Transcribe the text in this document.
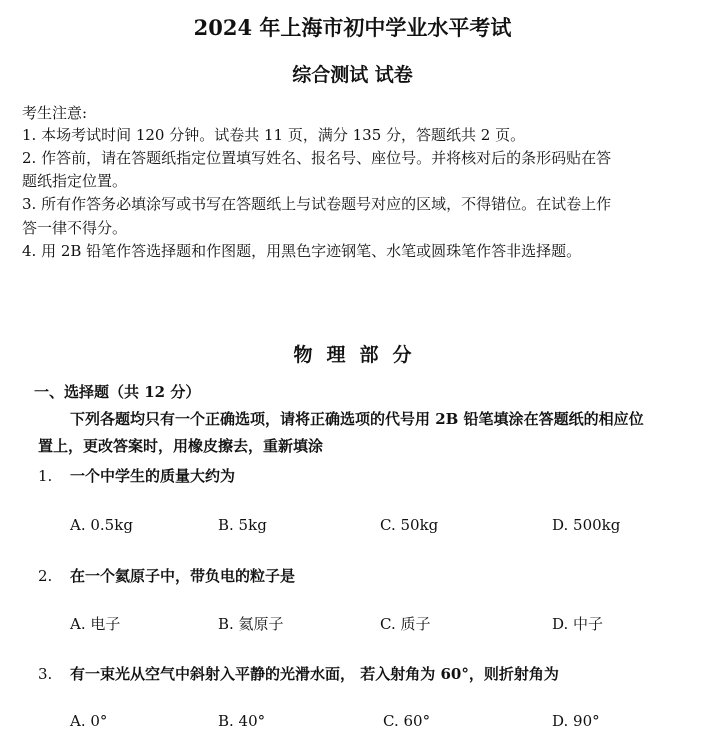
2024 年上海市初中学业水平考试
综合测试 试卷
考生注意:
1. 本场考试时间 120 分钟。试卷共 11 页，满分 135 分，答题纸共 2 页。
2. 作答前，请在答题纸指定位置填写姓名、报名号、座位号。并将核对后的条形码贴在答
题纸指定位置。
3. 所有作答务必填涂写或书写在答题纸上与试卷题号对应的区域，不得错位。在试卷上作
答一律不得分。
4. 用 2B 铅笔作答选择题和作图题，用黑色字迹钢笔、水笔或圆珠笔作答非选择题。
物理部分
一、选择题（共 12 分）
下列各题均只有一个正确选项，请将正确选项的代号用 2B 铅笔填涂在答题纸的相应位
置上，更改答案时，用橡皮擦去，重新填涂
1. 一个中学生的质量大约为
A. 0.5kg	B. 5kg	C. 50kg	D. 500kg
2. 在一个氦原子中，带负电的粒子是
A. 电子	B. 氦原子	C. 质子	D. 中子
3. 有一束光从空气中斜射入平静的光滑水面， 若入射角为 60°，则折射角为
A. 0°	B. 40°	C. 60°	D. 90°
